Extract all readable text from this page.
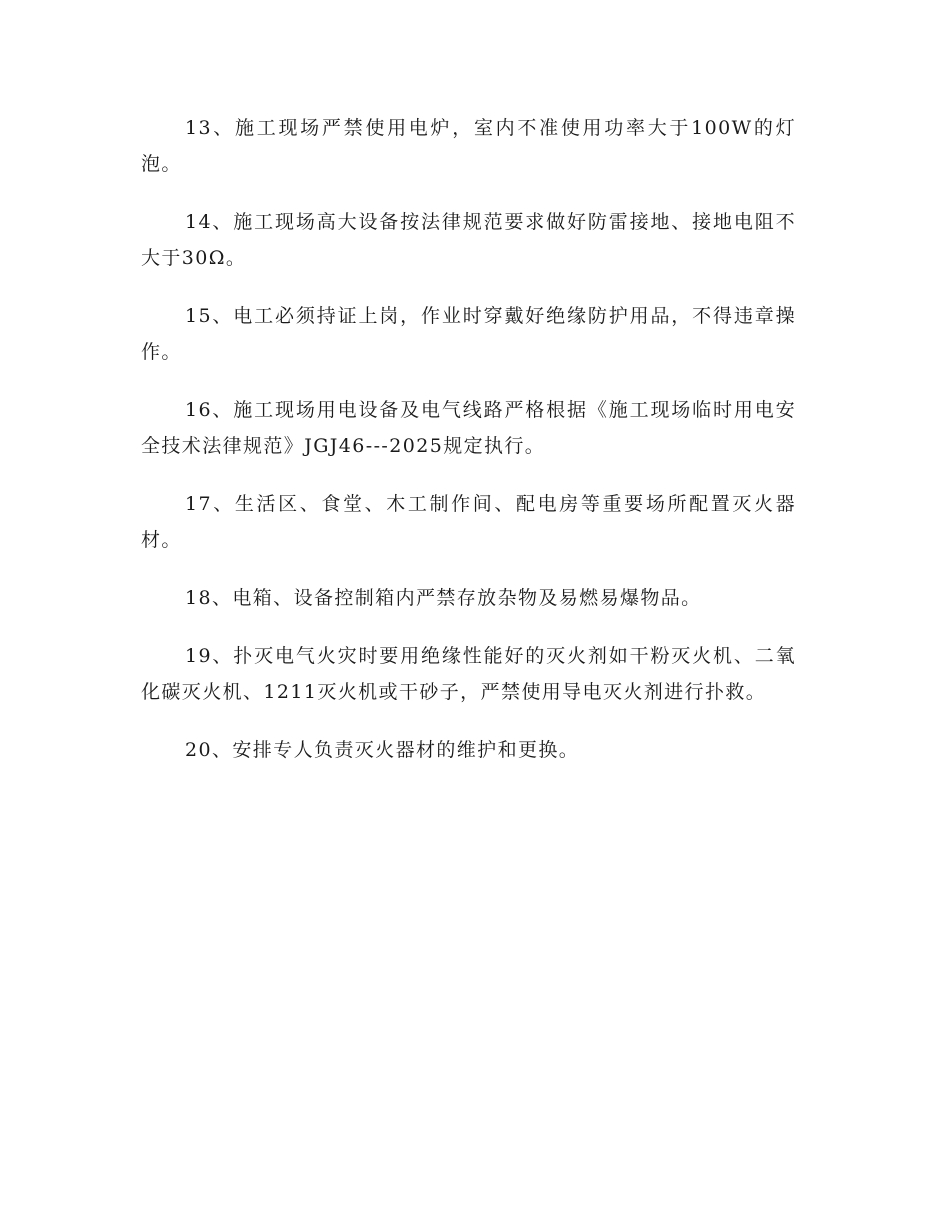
13、施工现场严禁使用电炉，室内不准使用功率大于100W的灯泡。

14、施工现场高大设备按法律规范要求做好防雷接地、接地电阻不大于30Ω。

15、电工必须持证上岗，作业时穿戴好绝缘防护用品，不得违章操作。

16、施工现场用电设备及电气线路严格根据《施工现场临时用电安全技术法律规范》JGJ46---2025规定执行。

17、生活区、食堂、木工制作间、配电房等重要场所配置灭火器材。

18、电箱、设备控制箱内严禁存放杂物及易燃易爆物品。

19、扑灭电气火灾时要用绝缘性能好的灭火剂如干粉灭火机、二氧化碳灭火机、1211灭火机或干砂子，严禁使用导电灭火剂进行扑救。

20、安排专人负责灭火器材的维护和更换。
